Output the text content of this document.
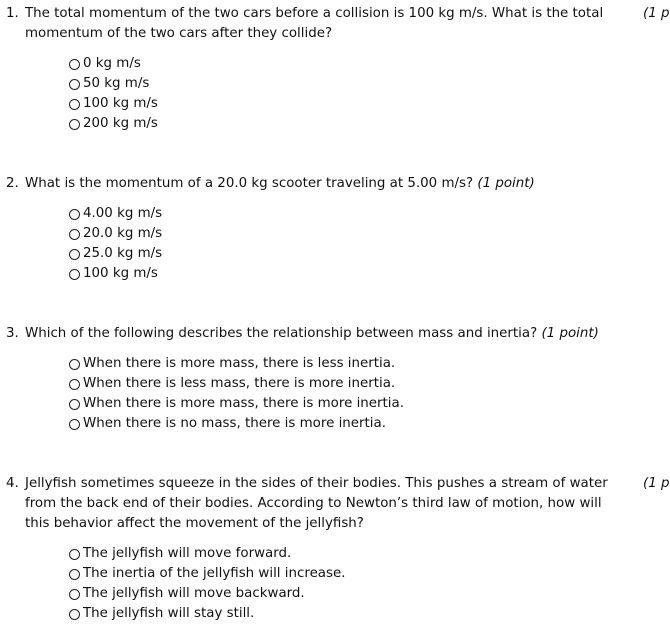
1. The total momentum of the two cars before a collision is 100 kg m/s. What is the total momentum of the two cars after they collide?
(1 p
0 kg m/s
50 kg m/s
100 kg m/s
200 kg m/s
2. What is the momentum of a 20.0 kg scooter traveling at 5.00 m/s? (1 point)
4.00 kg m/s
20.0 kg m/s
25.0 kg m/s
100 kg m/s
3. Which of the following describes the relationship between mass and inertia? (1 point)
When there is more mass, there is less inertia.
When there is less mass, there is more inertia.
When there is more mass, there is more inertia.
When there is no mass, there is more inertia.
4. Jellyfish sometimes squeeze in the sides of their bodies. This pushes a stream of water from the back end of their bodies. According to Newton’s third law of motion, how will this behavior affect the movement of the jellyfish?
(1 p
The jellyfish will move forward.
The inertia of the jellyfish will increase.
The jellyfish will move backward.
The jellyfish will stay still.
